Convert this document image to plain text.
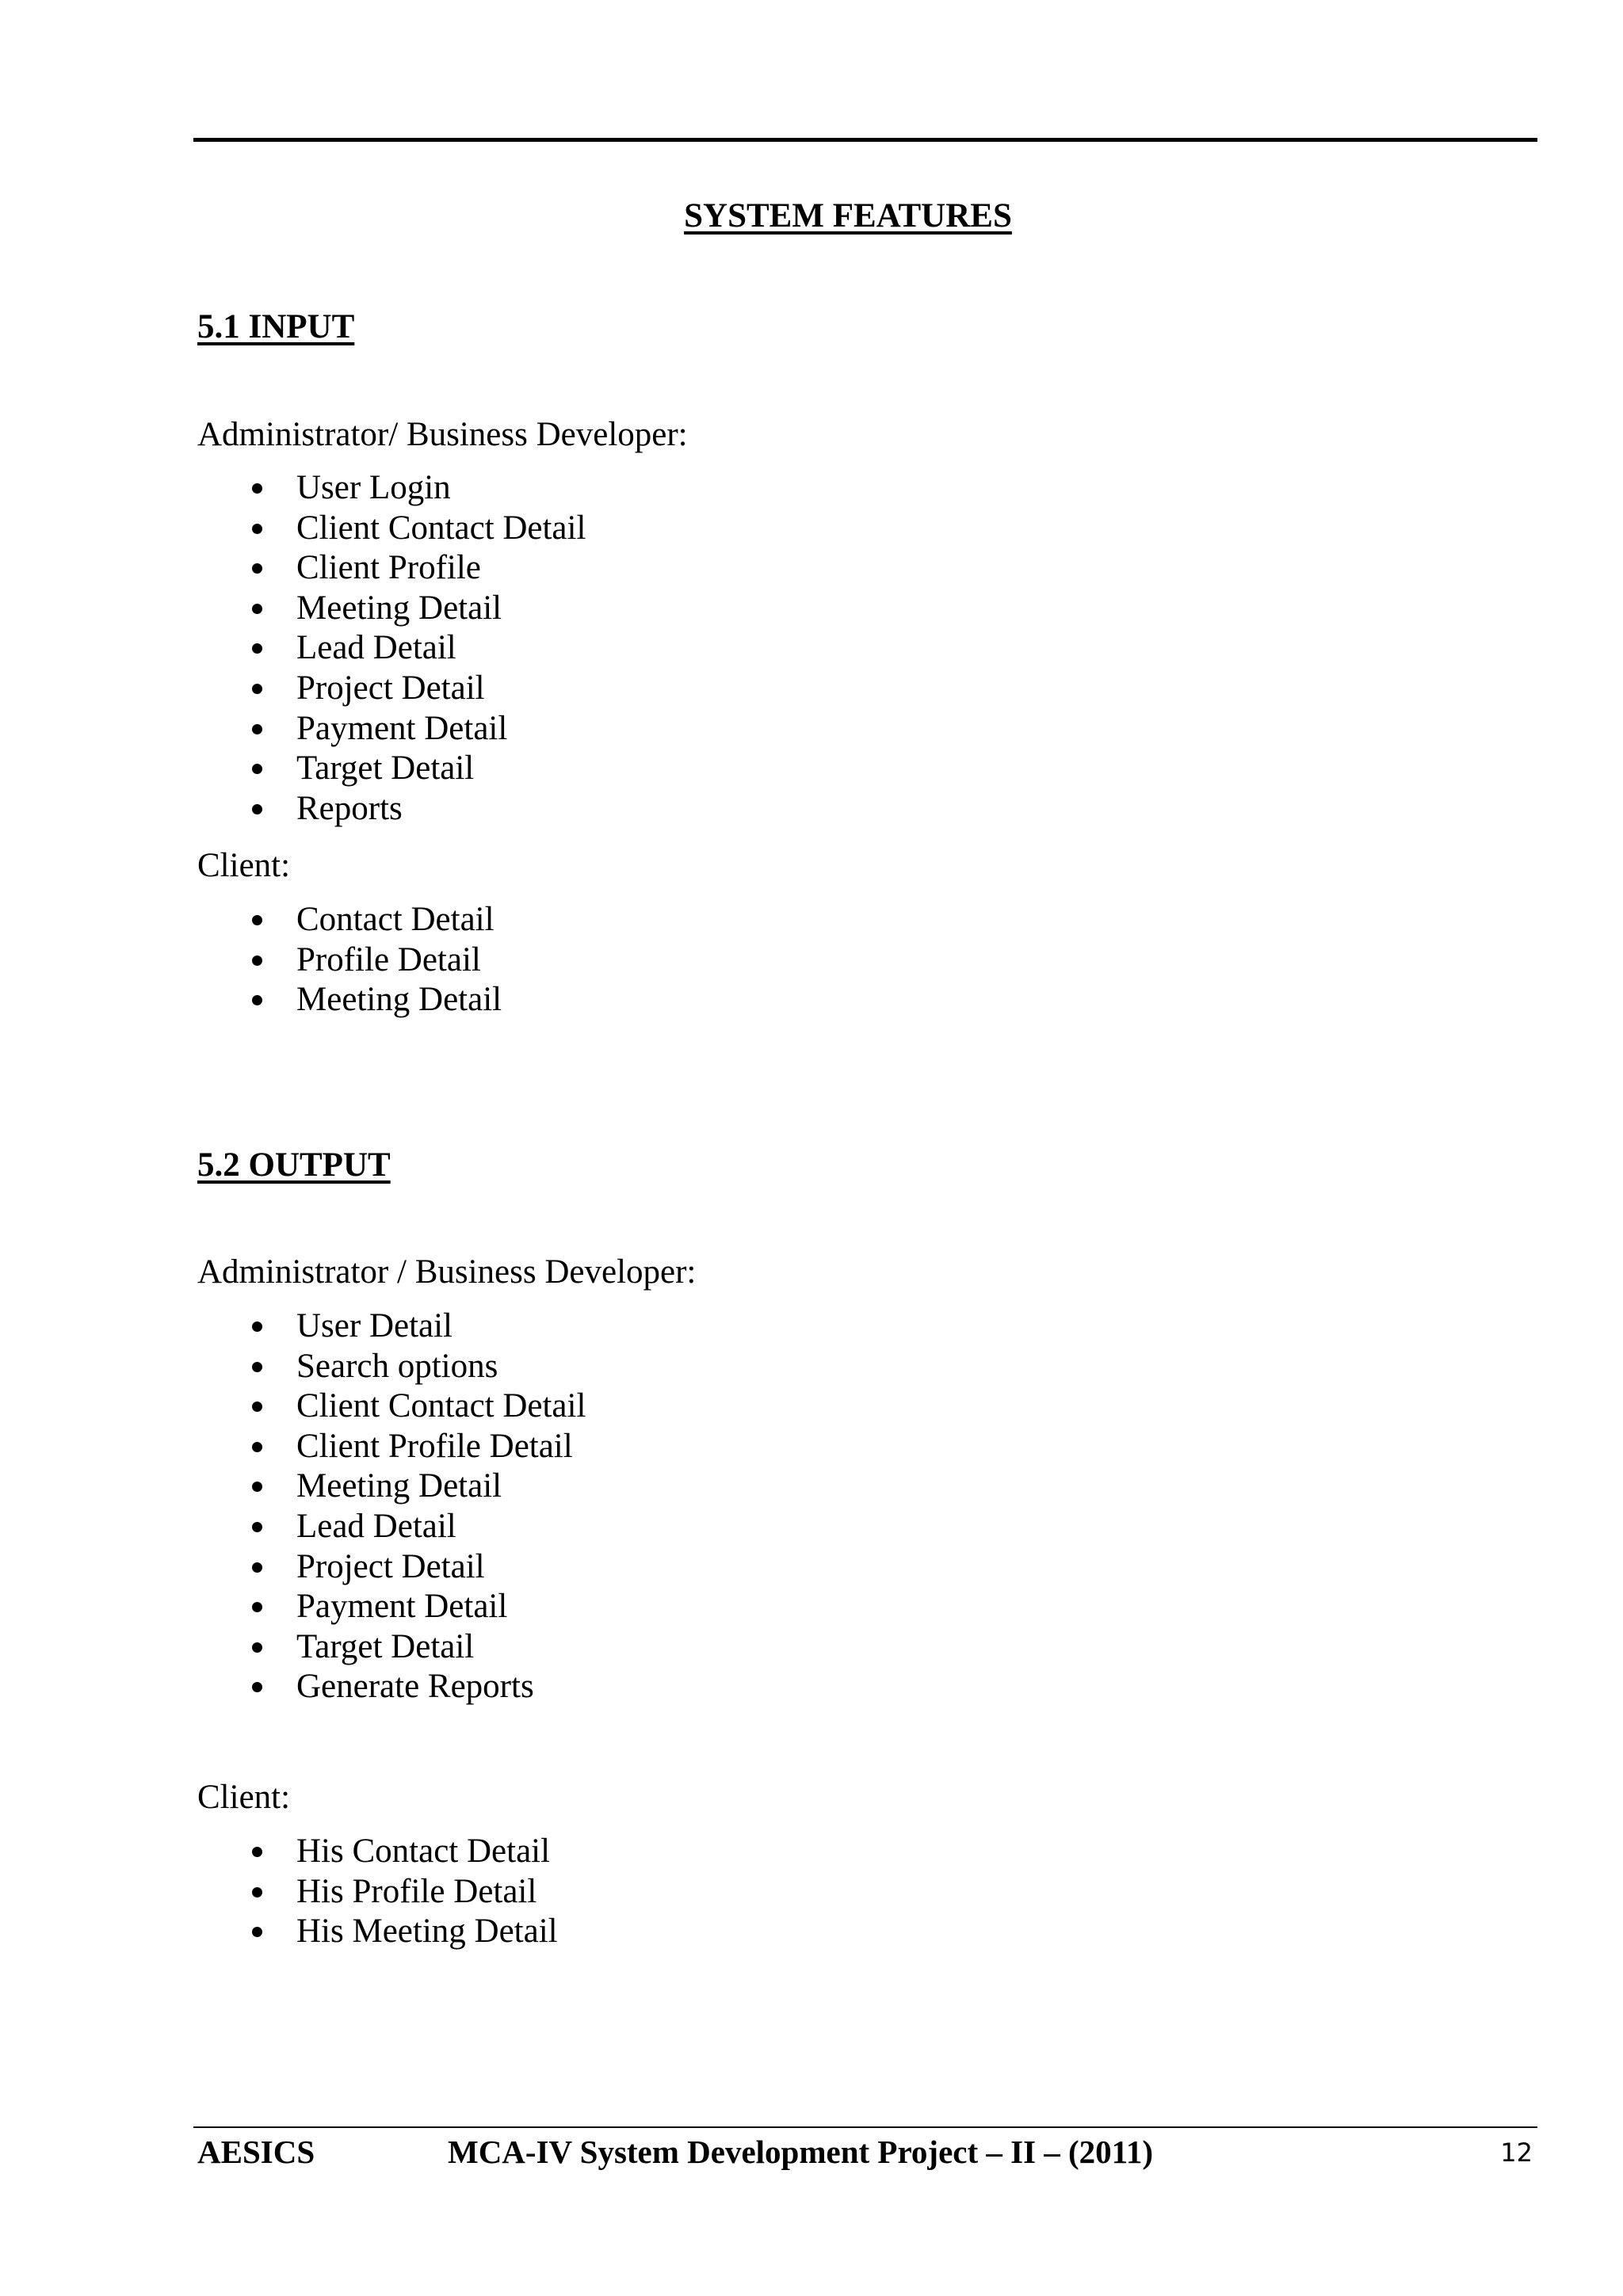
SYSTEM FEATURES
5.1 INPUT
Administrator/ Business Developer:
User Login
Client Contact Detail
Client Profile
Meeting Detail
Lead Detail
Project Detail
Payment Detail
Target Detail
Reports
Client:
Contact Detail
Profile Detail
Meeting Detail
5.2 OUTPUT
Administrator / Business Developer:
User Detail
Search options
Client Contact Detail
Client Profile Detail
Meeting Detail
Lead Detail
Project Detail
Payment Detail
Target Detail
Generate Reports
Client:
His Contact Detail
His Profile Detail
His Meeting Detail
AESICS	MCA-IV System Development Project – II – (2011)	12
